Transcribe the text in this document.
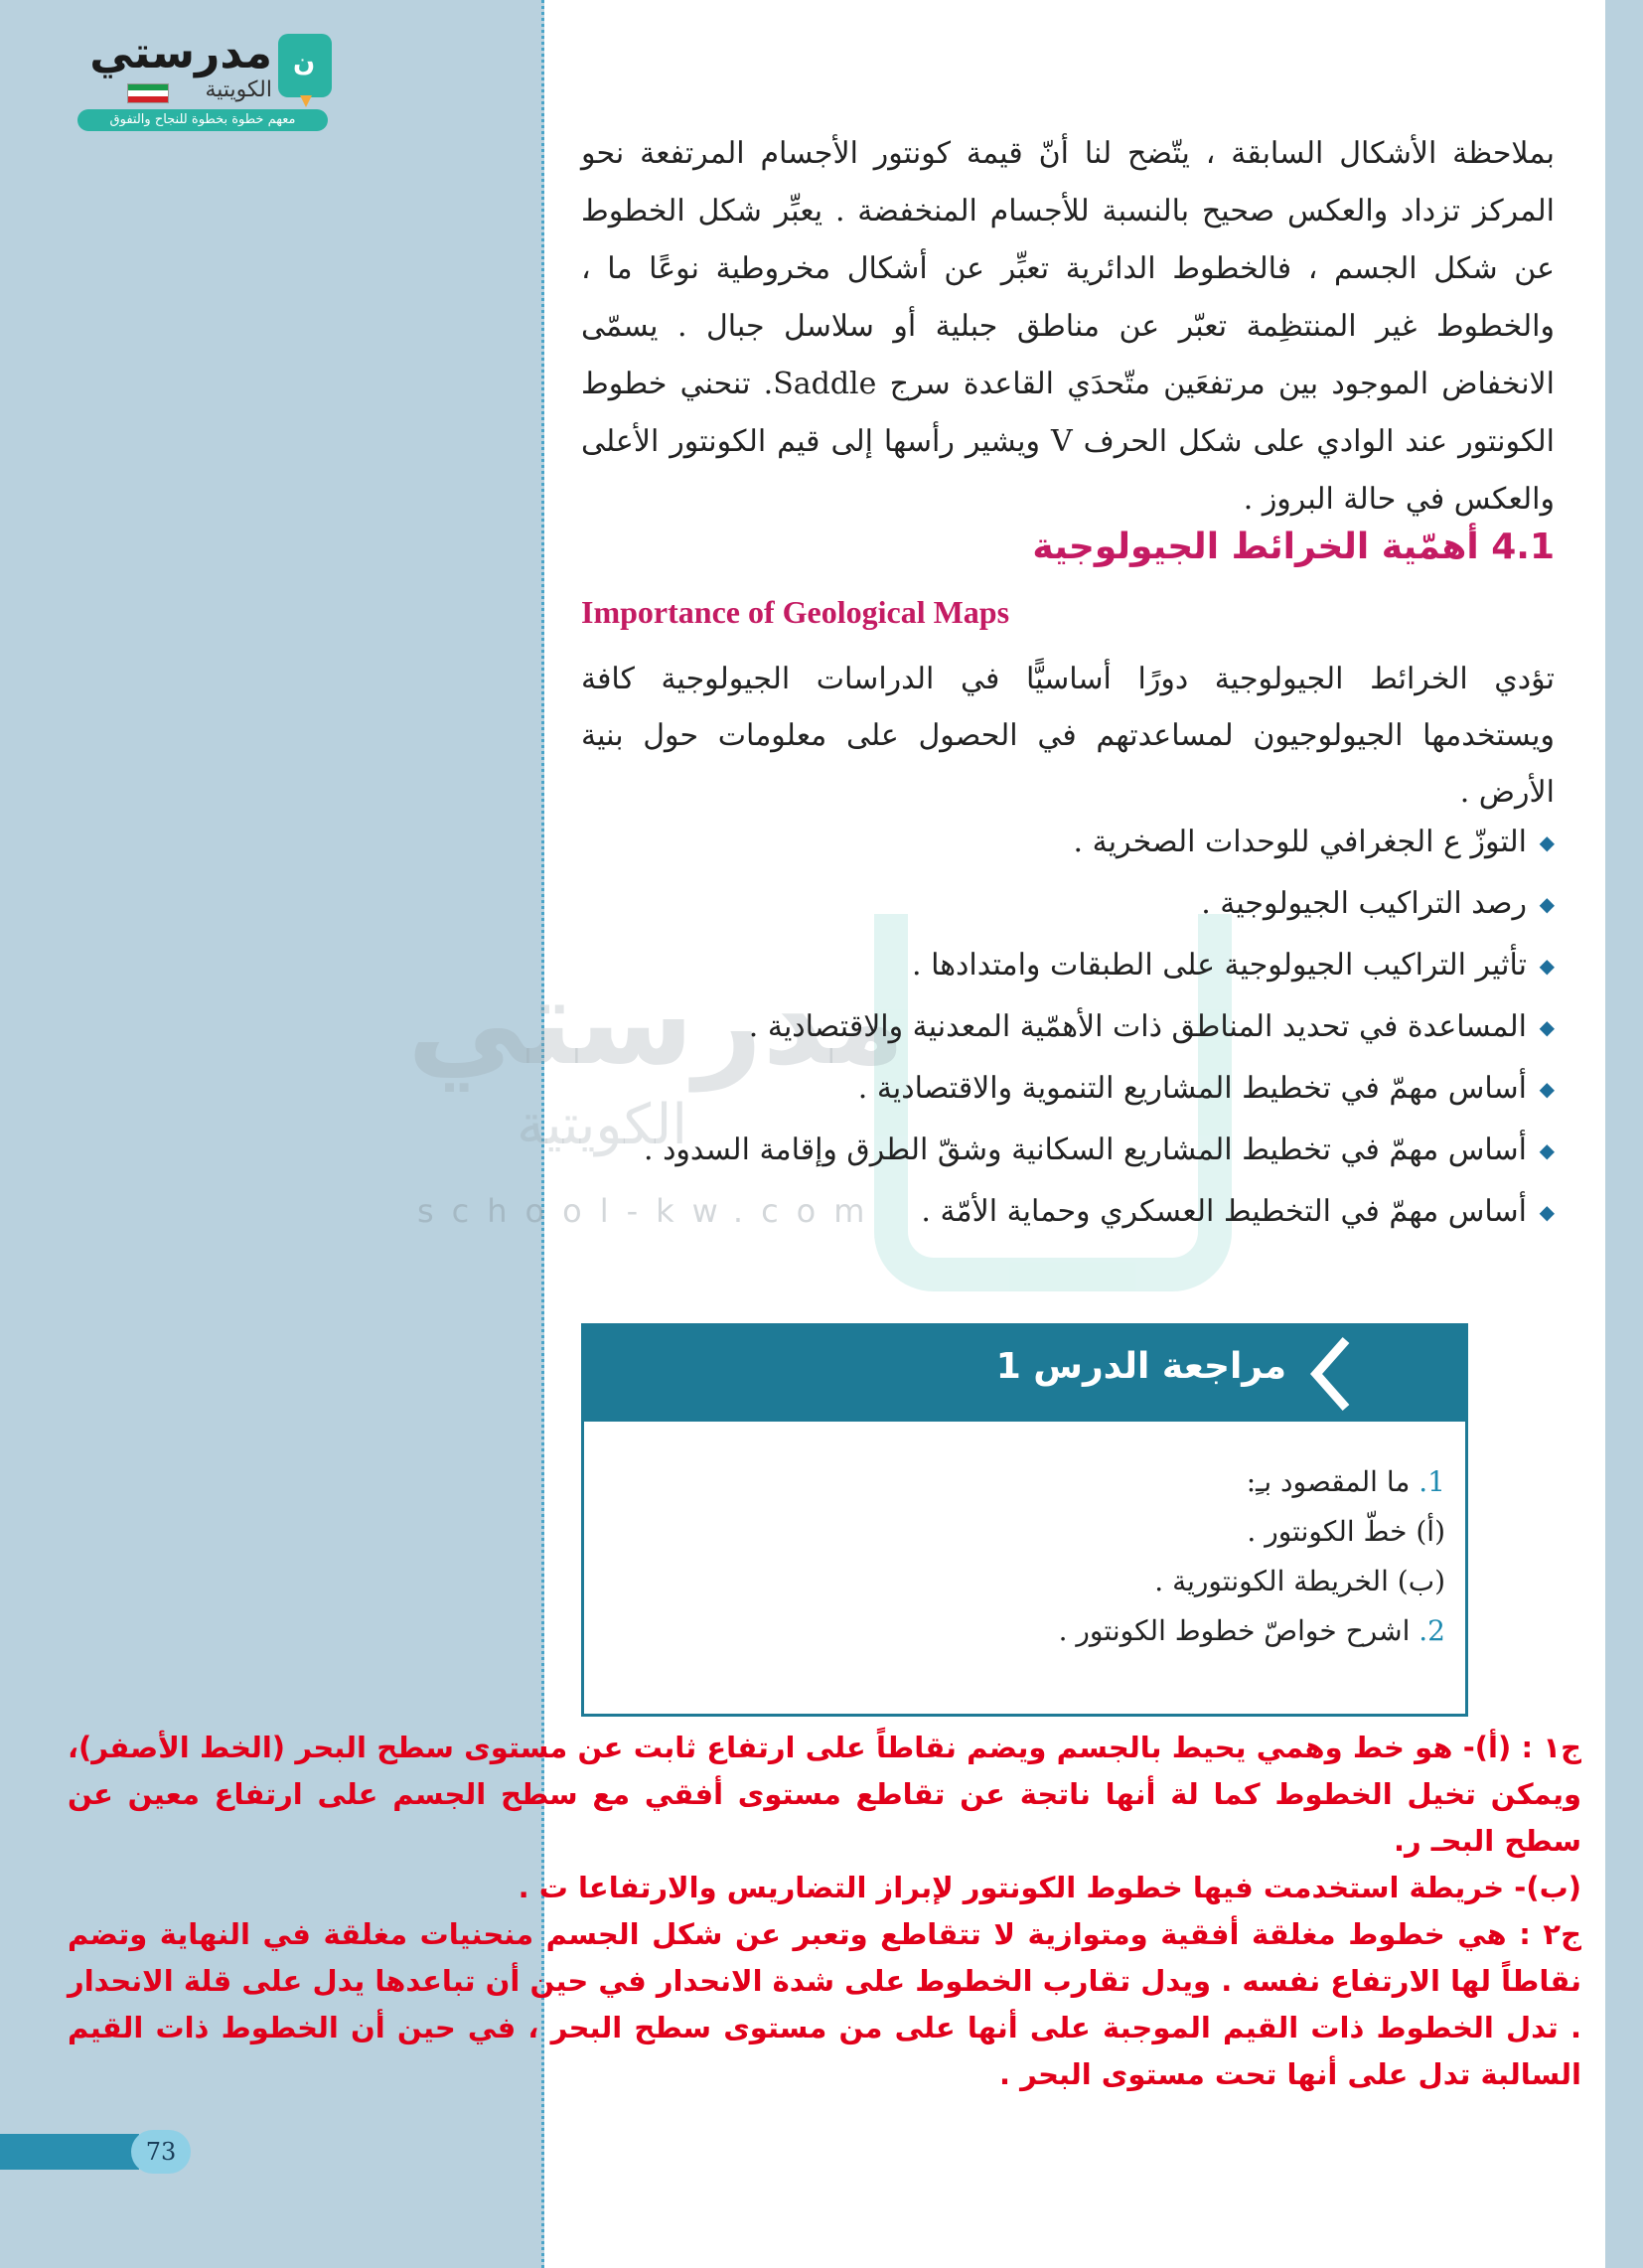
ن
مدرستي
الكويتية
معهم خطوة بخطوة للنجاح والتفوق
مدرستي
الكويتية
school-kw.com

بملاحظة الأشكال السابقة ، يتّضح لنا أنّ قيمة كونتور الأجسام المرتفعة نحو المركز تزداد والعكس صحيح بالنسبة للأجسام المنخفضة . يعبِّر شكل الخطوط عن شكل الجسم ، فالخطوط الدائرية تعبِّر عن أشكال مخروطية نوعًا ما ، والخطوط غير المنتظِمة تعبّر عن مناطق جبلية أو سلاسل جبال . يسمّى الانخفاض الموجود بين مرتفعَين متّحدَي القاعدة سرج Saddle. تنحني خطوط الكونتور عند الوادي على شكل الحرف V ويشير رأسها إلى قيم الكونتور الأعلى والعكس في حالة البروز .

4.1 أهمّية الخرائط الجيولوجية
Importance of Geological Maps

تؤدي الخرائط الجيولوجية دورًا أساسيًّا في الدراسات الجيولوجية كافة ويستخدمها الجيولوجيون لمساعدتهم في الحصول على معلومات حول بنية الأرض .

◆
التوزّ ع الجغرافي للوحدات الصخرية .
◆
رصد التراكيب الجيولوجية .
◆
تأثير التراكيب الجيولوجية على الطبقات وامتدادها .
◆
المساعدة في تحديد المناطق ذات الأهمّية المعدنية والاقتصادية .
◆
أساس مهمّ في تخطيط المشاريع التنموية والاقتصادية .
◆
أساس مهمّ في تخطيط المشاريع السكانية وشقّ الطرق وإقامة السدود .
◆
أساس مهمّ في التخطيط العسكري وحماية الأمّة .
مراجعة الدرس 1
1. ما المقصود بـِ:
(أ) خطّ الكونتور .
(ب) الخريطة الكونتورية .
2. اشرح خواصّ خطوط الكونتور .
ج١ : (أ)- هو خط وهمي يحيط بالجسم ويضم نقاطاً على ارتفاع ثابت عن مستوى سطح البحر (الخط الأصفر)، ويمكن تخيل الخطوط كما لة أنها ناتجة عن تقاطع مستوى أفقي مع سطح الجسم على ارتفاع معين عن سطح البحـ ر.
(ب)- خريطة استخدمت فيها خطوط الكونتور لإبراز التضاريس والارتفاعا ت .
ج٢ : هي خطوط مغلقة أفقية ومتوازية لا تتقاطع وتعبر عن شكل الجسم منحنيات مغلقة في النهاية وتضم نقاطاً لها الارتفاع نفسه . ويدل تقارب الخطوط على شدة الانحدار في حين أن تباعدها يدل على قلة الانحدار . تدل الخطوط ذات القيم الموجبة على أنها على من مستوى سطح البحر ، في حين أن الخطوط ذات القيم السالبة تدل على أنها تحت مستوى البحر .
73
